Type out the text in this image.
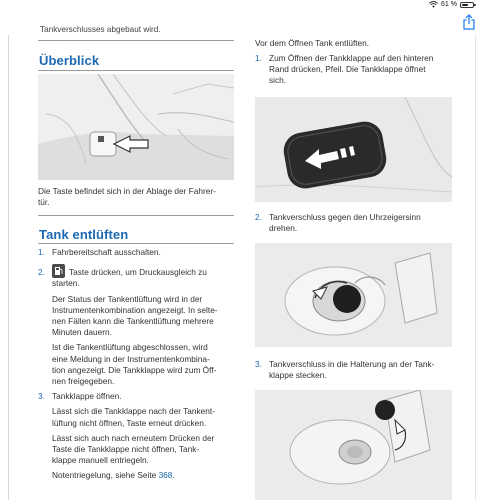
61 %
Tankverschlusses abgebaut wird.
Überblick

Die Taste befindet sich in der Ablage der Fahrer-
tür.

Tank entlüften

1. Fahrbereitschaft ausschalten.

2.	Taste drücken, um Druckausgleich zu

starten.

Der Status der Tankentlüftung wird in der
Instrumentenkombination angezeigt. In selte-
nen Fällen kann die Tankentlüftung mehrere
Minuten dauern.

Ist die Tankentlüftung abgeschlossen, wird
eine Meldung in der Instrumentenkombina-
tion angezeigt. Die Tankklappe wird zum Öff-
nen freigegeben.

3. Tankklappe öffnen.

Lässt sich die Tankklappe nach der Tankent-
lüftung nicht öffnen, Taste erneut drücken.

Lässt sich auch nach erneutem Drücken der
Taste die Tankklappe nicht öffnen, Tank-
klappe manuell entriegeln.

Notentriegelung, siehe Seite 368.

Vor dem Öffnen Tank entlüften.

1. Zum Öffnen der Tankklappe auf den hinteren
Rand drücken, Pfeil. Die Tankklappe öffnet
sich.

2. Tankverschluss gegen den Uhrzeigersinn
drehen.

3. Tankverschluss in die Halterung an der Tank-
klappe stecken.
